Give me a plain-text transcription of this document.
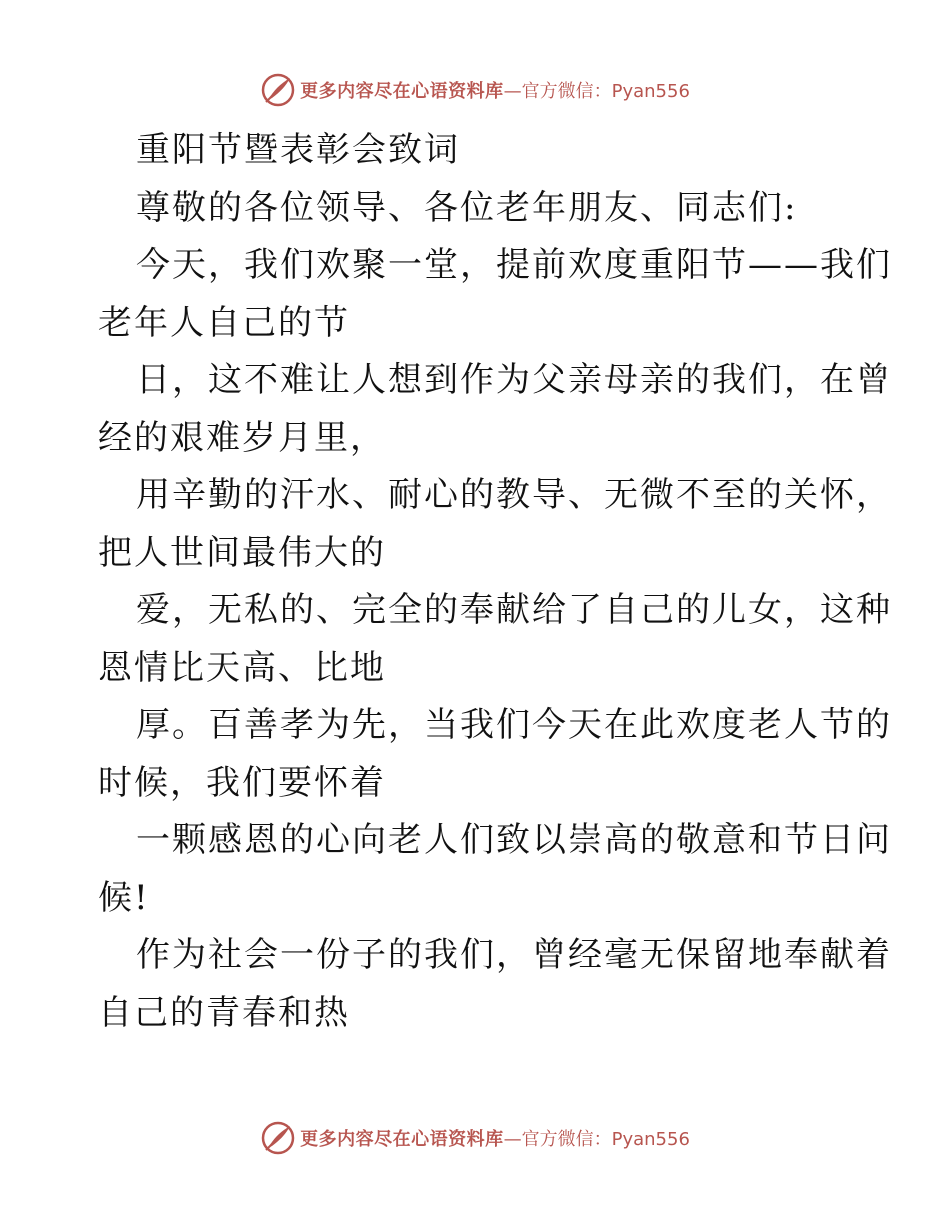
更多内容尽在心语资料库 —官方微信：Pyan556

重阳节暨表彰会致词

尊敬的各位领导、各位老年朋友、同志们:

今天，我们欢聚一堂，提前欢度重阳节——我们

老年人自己的节

日，这不难让人想到作为父亲母亲的我们，在曾

经的艰难岁月里，

用辛勤的汗水、耐心的教导、无微不至的关怀，

把人世间最伟大的

爱，无私的、完全的奉献给了自己的儿女，这种

恩情比天高、比地

厚。百善孝为先，当我们今天在此欢度老人节的

时候，我们要怀着

一颗感恩的心向老人们致以崇高的敬意和节日问

候!

作为社会一份子的我们，曾经毫无保留地奉献着

自己的青春和热

更多内容尽在心语资料库 —官方微信：Pyan556
